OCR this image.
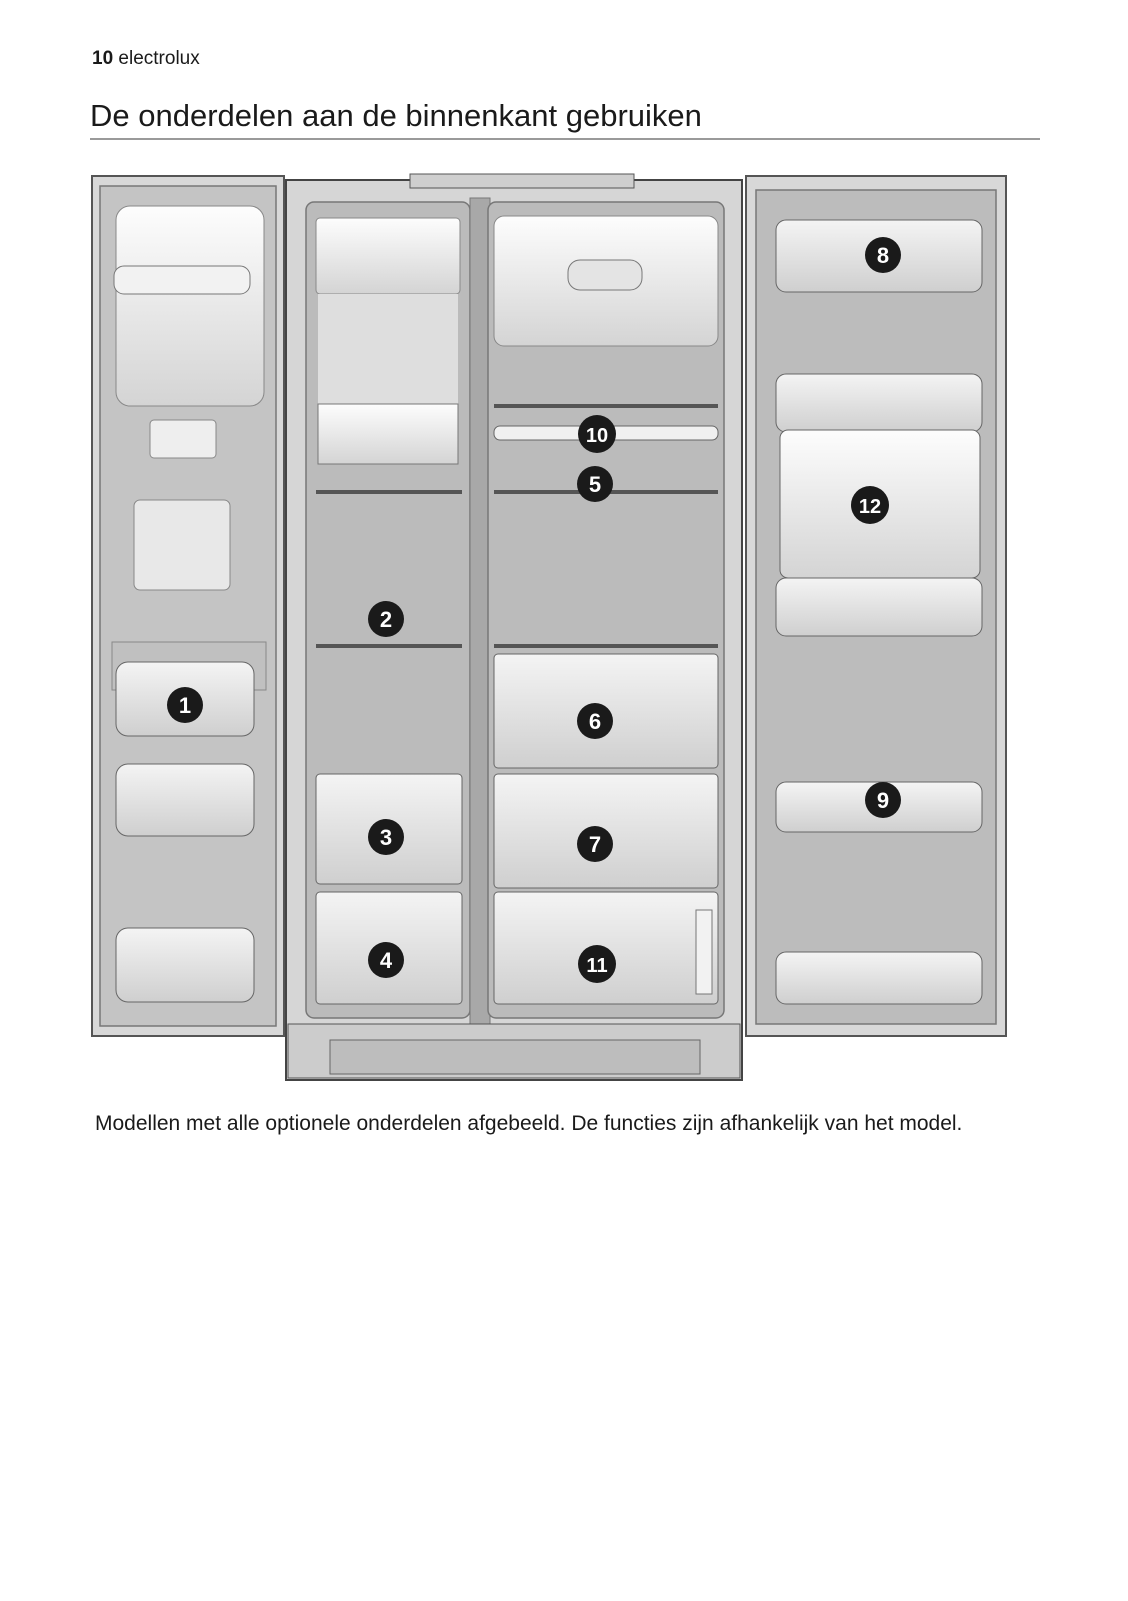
10 electrolux
De onderdelen aan de binnenkant gebruiken
1
2
3
4
5
6
7
8
9
10
11
12
Modellen met alle optionele onderdelen afgebeeld. De functies zijn afhankelijk van het model.
